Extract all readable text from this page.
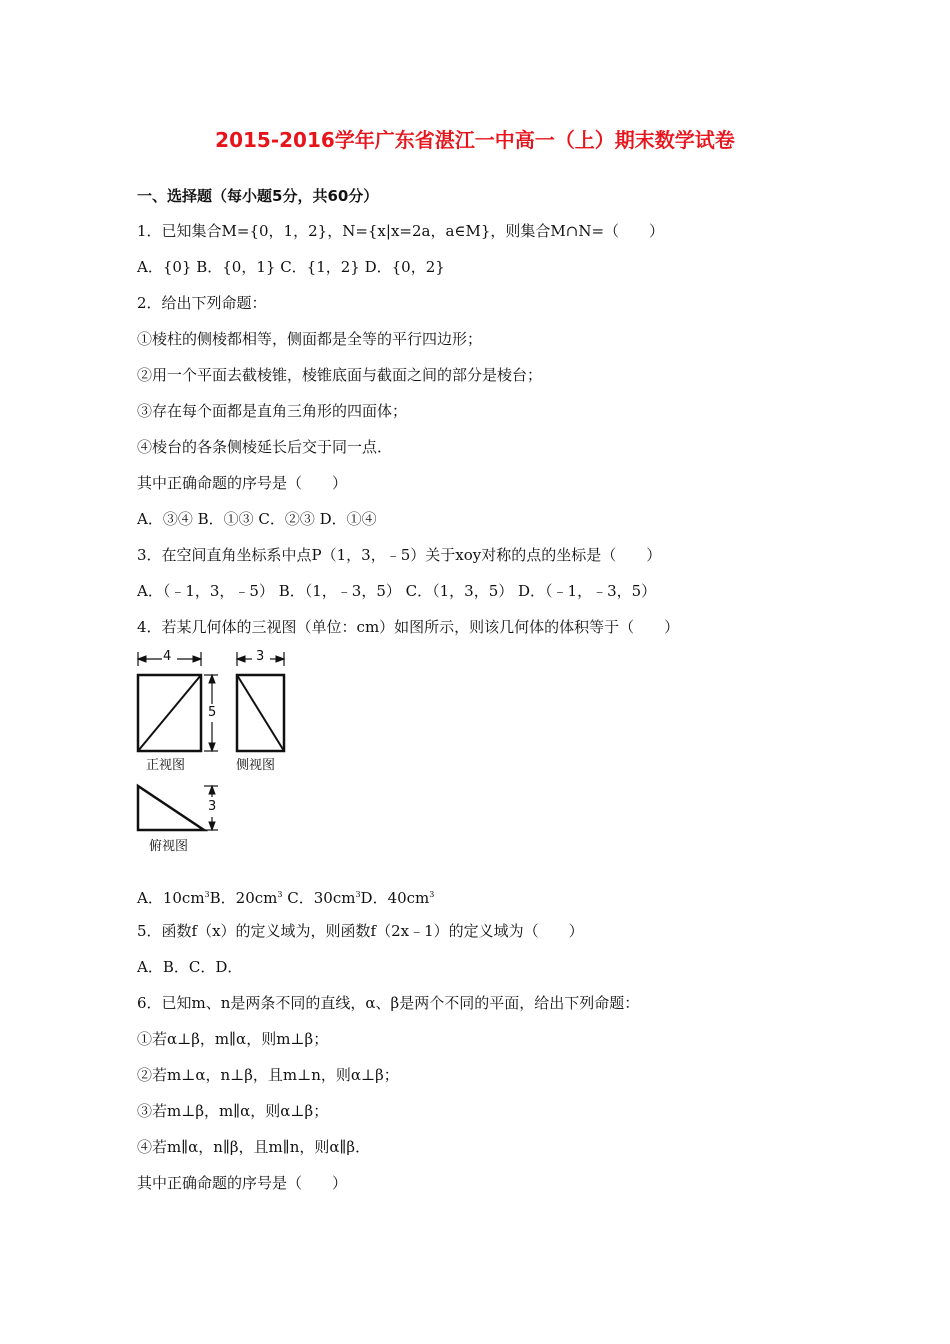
2015-2016学年广东省湛江一中高一（上）期末数学试卷
一、选择题（每小题5分，共60分）
1．已知集合M={0，1，2}，N={x|x=2a，a∈M}，则集合M∩N=（　　）
A．{0} B．{0，1} C．{1，2} D．{0，2}
2．给出下列命题：
①棱柱的侧棱都相等，侧面都是全等的平行四边形；
②用一个平面去截棱锥，棱锥底面与截面之间的部分是棱台；
③存在每个面都是直角三角形的四面体；
④棱台的各条侧棱延长后交于同一点．
其中正确命题的序号是（　　）
A．③④ B．①③ C．②③ D．①④
3．在空间直角坐标系中点P（1，3，﹣5）关于xoy对称的点的坐标是（　　）
A．（﹣1，3，﹣5） B．（1，﹣3，5） C．（1，3，5） D．（﹣1，﹣3，5）
4．若某几何体的三视图（单位：cm）如图所示，则该几何体的体积等于（　　）
4	3
5
3
正视图	侧视图
俯视图
A．$10cm^3B$．$20cm^3$ C．$30cm^3D$．$40cm^3$
5．函数f（x）的定义域为，则函数f（2x﹣1）的定义域为（　　）
A．B．C．D．
6．已知m、n是两条不同的直线，α、β是两个不同的平面，给出下列命题：
①若α⊥β，m∥α，则m⊥β；
②若m⊥α，n⊥β，且m⊥n，则α⊥β；
③若m⊥β，m∥α，则α⊥β；
④若m∥α，n∥β，且m∥n，则α∥β．
其中正确命题的序号是（　　）
